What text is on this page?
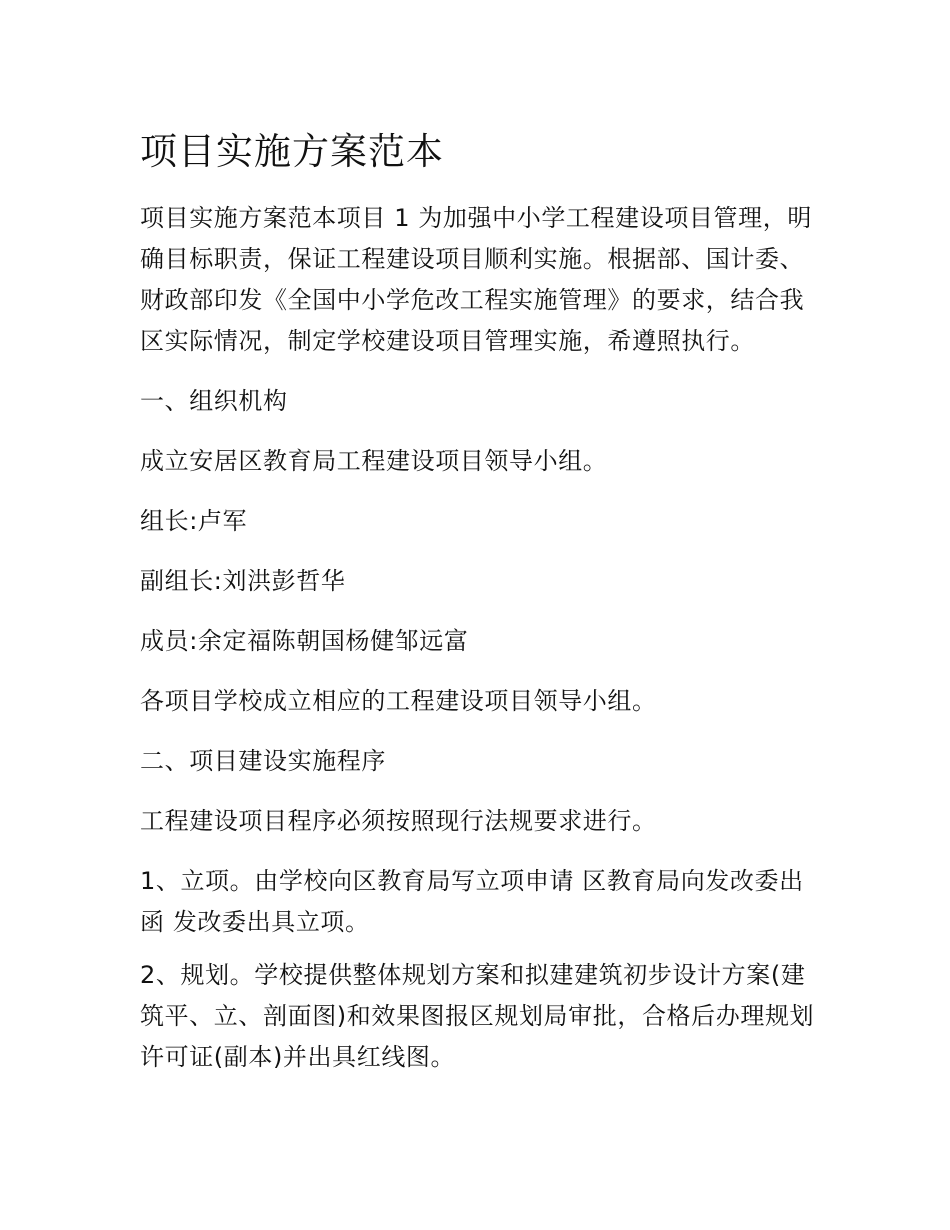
项目实施方案范本

项目实施方案范本项目 1 为加强中小学工程建设项目管理，明确目标职责，保证工程建设项目顺利实施。根据部、国计委、财政部印发《全国中小学危改工程实施管理》的要求，结合我区实际情况，制定学校建设项目管理实施，希遵照执行。

一、组织机构

成立安居区教育局工程建设项目领导小组。

组长:卢军

副组长:刘洪彭哲华

成员:余定福陈朝国杨健邹远富

各项目学校成立相应的工程建设项目领导小组。

二、项目建设实施程序

工程建设项目程序必须按照现行法规要求进行。

1、立项。由学校向区教育局写立项申请 区教育局向发改委出函 发改委出具立项。

2、规划。学校提供整体规划方案和拟建建筑初步设计方案(建筑平、立、剖面图)和效果图报区规划局审批，合格后办理规划许可证(副本)并出具红线图。
